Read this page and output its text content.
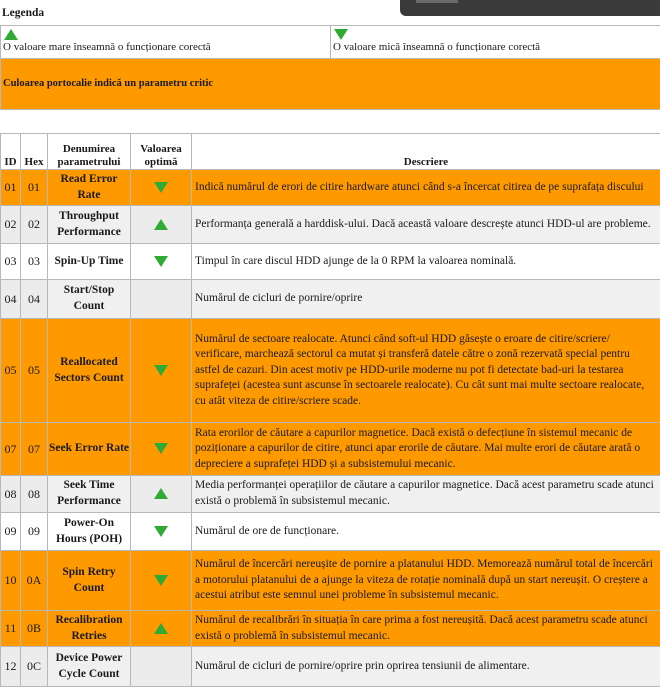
Legenda
O valoare mare înseamnă o funcționare corectă	O valoare mică înseamnă o funcționare corectă
Culoarea portocalie indică un parametru critic
ID	Hex	Denumirea parametrului	Valoarea optimă	Descriere
01	01	Read Error Rate		Indică numărul de erori de citire hardware atunci când s-a încercat citirea de pe suprafața discului
02	02	Throughput Performance		Performanța generală a harddisk-ului. Dacă această valoare descrește atunci HDD-ul are probleme.
03	03	Spin-Up Time		Timpul în care discul HDD ajunge de la 0 RPM la valoarea nominală.
04	04	Start/Stop Count		Numărul de cicluri de pornire/oprire
05	05	Reallocated Sectors Count		Numărul de sectoare realocate. Atunci când soft-ul HDD găsește o eroare de citire/scriere/ verificare, marchează sectorul ca mutat și transferă datele către o zonă rezervată special pentru astfel de cazuri. Din acest motiv pe HDD-urile moderne nu pot fi detectate bad-uri la testarea suprafeței (acestea sunt ascunse în sectoarele realocate). Cu cât sunt mai multe sectoare realocate, cu atât viteza de citire/scriere scade.
07	07	Seek Error Rate		Rata erorilor de căutare a capurilor magnetice. Dacă există o defecțiune în sistemul mecanic de poziționare a capurilor de citire, atunci apar erorile de căutare. Mai multe erori de căutare arată o depreciere a suprafeței HDD și a subsistemului mecanic.
08	08	Seek Time Performance		Media performanței operațiilor de căutare a capurilor magnetice. Dacă acest parametru scade atunci există o problemă în subsistemul mecanic.
09	09	Power-On Hours (POH)		Numărul de ore de funcționare.
10	0A	Spin Retry Count		Numărul de încercări nereușite de pornire a platanului HDD. Memorează numărul total de încercări a motorului platanului de a ajunge la viteza de rotație nominală după un start nereușit. O creștere a acestui atribut este semnul unei probleme în subsistemul mecanic.
11	0B	Recalibration Retries		Numărul de recalibrări în situația în care prima a fost nereușită. Dacă acest parametru scade atunci există o problemă în subsistemul mecanic.
12	0C	Device Power Cycle Count		Numărul de cicluri de pornire/oprire prin oprirea tensiunii de alimentare.
